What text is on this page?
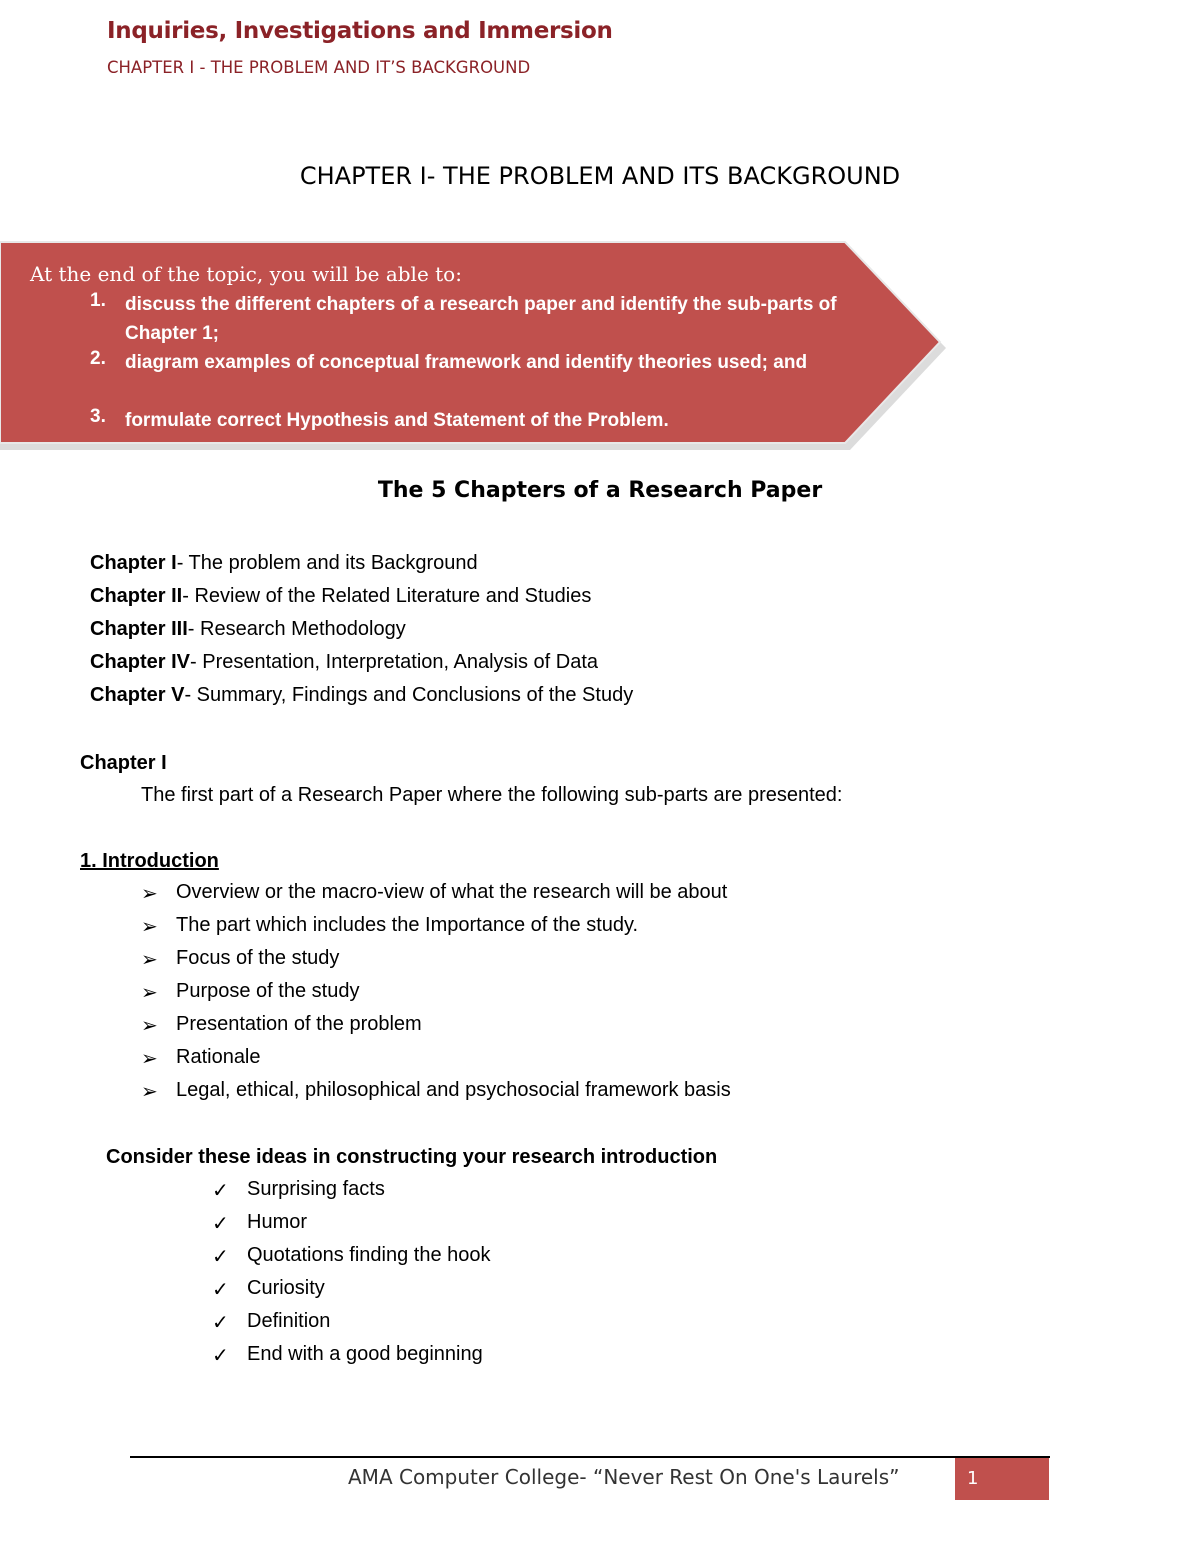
Inquiries, Investigations and Immersion
CHAPTER I - THE PROBLEM AND IT’S BACKGROUND
CHAPTER I- THE PROBLEM AND ITS BACKGROUND
At the end of the topic, you will be able to:
1.	discuss the different chapters of a research paper and identify the sub-parts of Chapter 1;
2.	diagram examples of conceptual framework and identify theories used; and
3.	formulate correct Hypothesis and Statement of the Problem.
The 5 Chapters of a Research Paper
Chapter I- The problem and its Background
Chapter II- Review of the Related Literature and Studies
Chapter III- Research Methodology
Chapter IV- Presentation, Interpretation, Analysis of Data
Chapter V- Summary, Findings and Conclusions of the Study
Chapter I
The first part of a Research Paper where the following sub-parts are presented:
1. Introduction
➢ Overview or the macro-view of what the research will be about
➢ The part which includes the Importance of the study.
➢ Focus of the study
➢ Purpose of the study
➢ Presentation of the problem
➢ Rationale
➢ Legal, ethical, philosophical and psychosocial framework basis
Consider these ideas in constructing your research introduction
✓ Surprising facts
✓ Humor
✓ Quotations finding the hook
✓ Curiosity
✓ Definition
✓ End with a good beginning
AMA Computer College- “Never Rest On One's Laurels”	1
